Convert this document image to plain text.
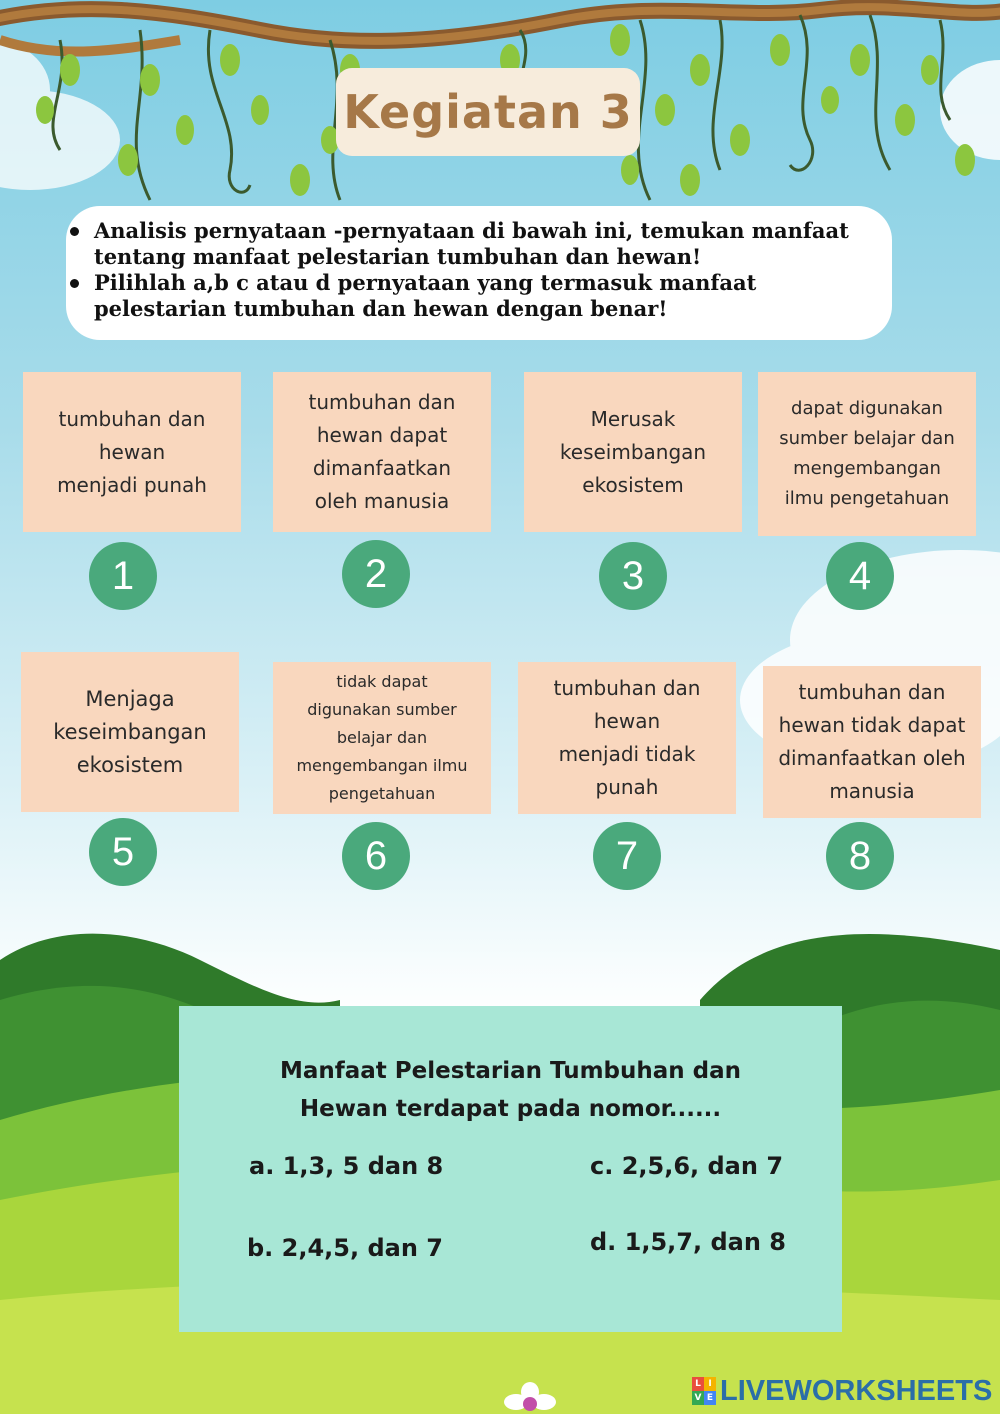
Kegiatan 3
Analisis pernyataan -pernyataan di bawah ini, temukan manfaat tentang manfaat pelestarian tumbuhan dan hewan!
Pilihlah a,b c atau d pernyataan yang termasuk manfaat pelestarian tumbuhan dan hewan dengan benar!
tumbuhan dan
hewan
menjadi punah
tumbuhan dan
hewan dapat
dimanfaatkan
oleh manusia
Merusak
keseimbangan
ekosistem
dapat digunakan
sumber belajar dan
mengembangan
ilmu pengetahuan
1	2	3	4
Menjaga
keseimbangan
ekosistem
tidak dapat
digunakan sumber
belajar dan
mengembangan ilmu
pengetahuan
tumbuhan dan
hewan
menjadi tidak
punah
tumbuhan dan
hewan tidak dapat
dimanfaatkan oleh
manusia
5	6	7	8
Manfaat Pelestarian Tumbuhan dan
Hewan terdapat pada nomor......
a. 1,3, 5 dan 8	c. 2,5,6, dan 7
b. 2,4,5, dan 7	d. 1,5,7, dan 8
L I
V E LIVEWORKSHEETS
